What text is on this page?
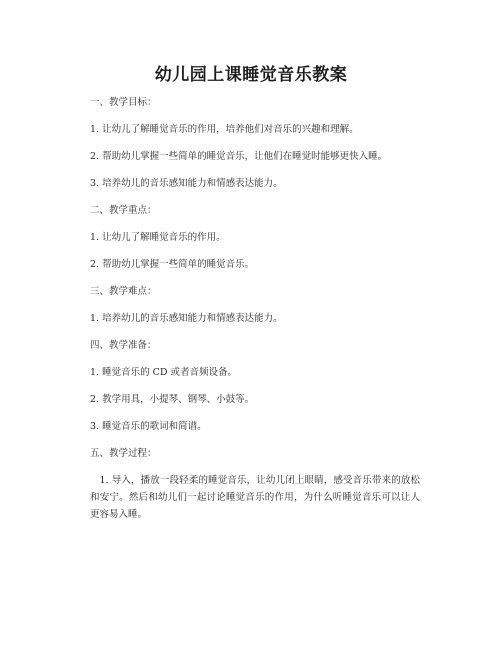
幼儿园上课睡觉音乐教案
一、教学目标：
1. 让幼儿了解睡觉音乐的作用，培养他们对音乐的兴趣和理解。
2. 帮助幼儿掌握一些简单的睡觉音乐，让他们在睡觉时能够更快入睡。
3. 培养幼儿的音乐感知能力和情感表达能力。
二、教学重点：
1. 让幼儿了解睡觉音乐的作用。
2. 帮助幼儿掌握一些简单的睡觉音乐。
三、教学难点：
1. 培养幼儿的音乐感知能力和情感表达能力。
四、教学准备：
1. 睡觉音乐的 CD 或者音频设备。
2. 教学用具，小提琴、钢琴、小鼓等。
3. 睡觉音乐的歌词和简谱。
五、教学过程：
1. 导入，播放一段轻柔的睡觉音乐，让幼儿闭上眼睛，感受音乐带来的放松和安宁。然后和幼儿们一起讨论睡觉音乐的作用，为什么听睡觉音乐可以让人更容易入睡。
